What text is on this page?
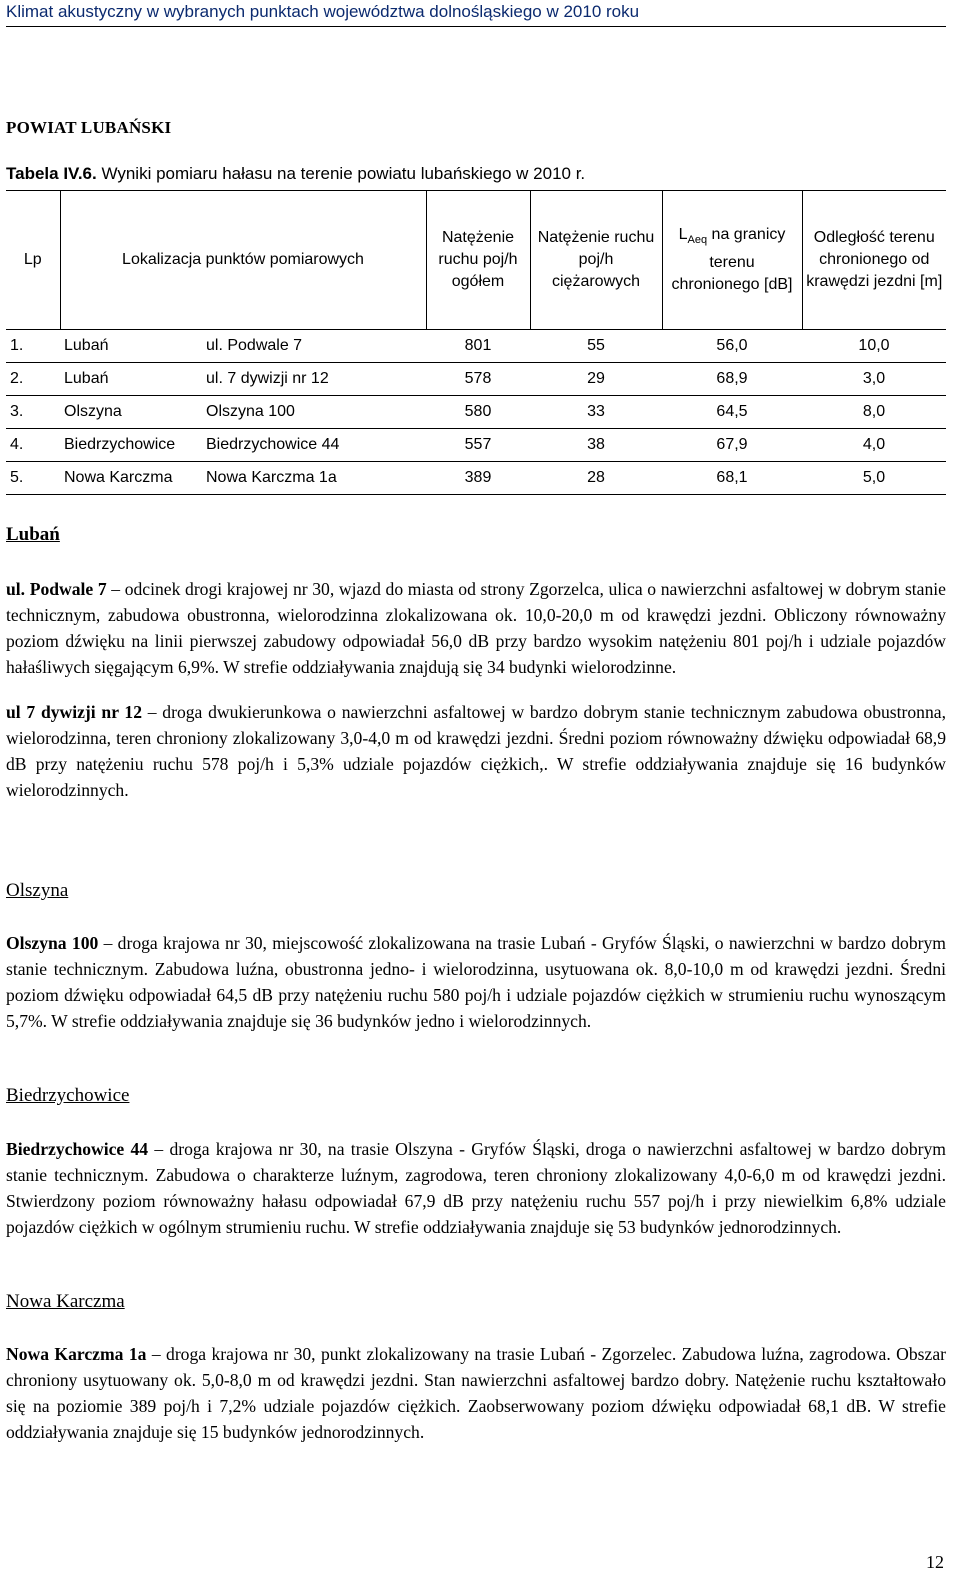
Klimat akustyczny w wybranych punktach województwa dolnośląskiego w 2010 roku
POWIAT LUBAŃSKI
Tabela IV.6. Wyniki pomiaru hałasu na terenie powiatu lubańskiego w 2010 r.
Lp	Lokalizacja punktów pomiarowych		Natężenie ruchu poj/h ogółem	Natężenie ruchu poj/h ciężarowych	$L_{Aeq}$ na granicy terenu chronionego [dB]	Odległość terenu chronionego od krawędzi jezdni [m]
1.	Lubań	ul. Podwale 7	801	55	56,0	10,0
2.	Lubań	ul. 7 dywizji nr 12	578	29	68,9	3,0
3.	Olszyna	Olszyna 100	580	33	64,5	8,0
4.	Biedrzychowice	Biedrzychowice 44	557	38	67,9	4,0
5.	Nowa Karczma	Nowa Karczma 1a	389	28	68,1	5,0
Lubań
ul. Podwale 7 – odcinek drogi krajowej nr 30, wjazd do miasta od strony Zgorzelca, ulica o nawierzchni asfaltowej w dobrym stanie technicznym, zabudowa obustronna, wielorodzinna zlokalizowana ok. 10,0-20,0 m od krawędzi jezdni. Obliczony równoważny poziom dźwięku na linii pierwszej zabudowy odpowiadał 56,0 dB przy bardzo wysokim natężeniu 801 poj/h i udziale pojazdów hałaśliwych sięgającym 6,9%. W strefie oddziaływania znajdują się 34 budynki wielorodzinne.
ul 7 dywizji nr 12 – droga dwukierunkowa o nawierzchni asfaltowej w bardzo dobrym stanie technicznym zabudowa obustronna, wielorodzinna, teren chroniony zlokalizowany 3,0-4,0 m od krawędzi jezdni. Średni poziom równoważny dźwięku odpowiadał 68,9 dB przy natężeniu ruchu 578 poj/h i 5,3% udziale pojazdów ciężkich,. W strefie oddziaływania znajduje się 16 budynków wielorodzinnych.
Olszyna
Olszyna 100 – droga krajowa nr 30, miejscowość zlokalizowana na trasie Lubań - Gryfów Śląski, o nawierzchni w bardzo dobrym stanie technicznym. Zabudowa luźna, obustronna jedno- i wielorodzinna, usytuowana ok. 8,0-10,0 m od krawędzi jezdni. Średni poziom dźwięku odpowiadał 64,5 dB przy natężeniu ruchu 580 poj/h i udziale pojazdów ciężkich w strumieniu ruchu wynoszącym 5,7%. W strefie oddziaływania znajduje się 36 budynków jedno i wielorodzinnych.
Biedrzychowice
Biedrzychowice 44 – droga krajowa nr 30, na trasie Olszyna - Gryfów Śląski, droga o nawierzchni asfaltowej w bardzo dobrym stanie technicznym. Zabudowa o charakterze luźnym, zagrodowa, teren chroniony zlokalizowany 4,0-6,0 m od krawędzi jezdni. Stwierdzony poziom równoważny hałasu odpowiadał 67,9 dB przy natężeniu ruchu 557 poj/h i przy niewielkim 6,8% udziale pojazdów ciężkich w ogólnym strumieniu ruchu. W strefie oddziaływania znajduje się 53 budynków jednorodzinnych.
Nowa Karczma
Nowa Karczma 1a – droga krajowa nr 30, punkt zlokalizowany na trasie Lubań - Zgorzelec. Zabudowa luźna, zagrodowa. Obszar chroniony usytuowany ok. 5,0-8,0 m od krawędzi jezdni. Stan nawierzchni asfaltowej bardzo dobry. Natężenie ruchu kształtowało się na poziomie 389 poj/h i 7,2% udziale pojazdów ciężkich. Zaobserwowany poziom dźwięku odpowiadał 68,1 dB. W strefie oddziaływania znajduje się 15 budynków jednorodzinnych.
12
